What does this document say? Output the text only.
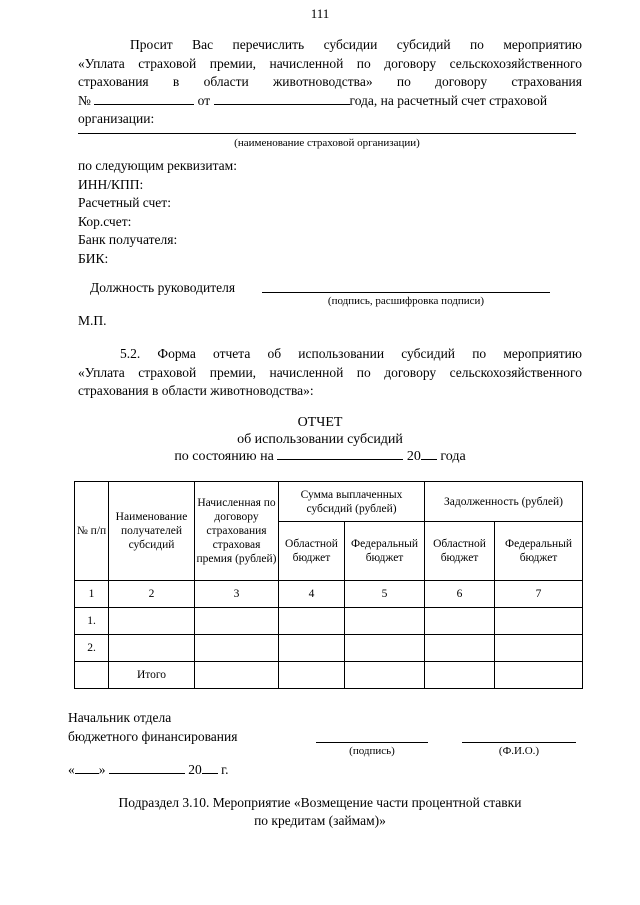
111

Просит Вас перечислить субсидии субсидий по мероприятию

«Уплата страховой премии, начисленной по договору сельскохозяйственного
страхования в области животноводства» по договору страхования
№	от	года, на расчетный счет страховой
организации:
(наименование страховой организации)
по следующим реквизитам:
ИНН/КПП:
Расчетный счет:
Кор.счет:
Банк получателя:
БИК:
Должность руководителя
(подпись, расшифровка подписи)
М.П.

5.2. Форма отчета об использовании субсидий по мероприятию

«Уплата страховой премии, начисленной по договору сельскохозяйственного
страхования в области животноводства»:
ОТЧЕТ
об использовании субсидий
по состоянию на	20 года
№ п/п	Наименование получателей субсидий	Начисленная по договору страхования страховая премия (рублей)	Сумма выплаченных субсидий (рублей)		Задолженность (рублей)	
			Областной бюджет	Федеральный бюджет	Областной бюджет	Федеральный бюджет
1	2	3	4	5	6	7
1.						
2.						
	Итого					
Начальник отдела
бюджетного финансирования
(подпись)	(Ф.И.О.)
« »	20 г.
Подраздел 3.10. Мероприятие «Возмещение части процентной ставки
по кредитам (займам)»
